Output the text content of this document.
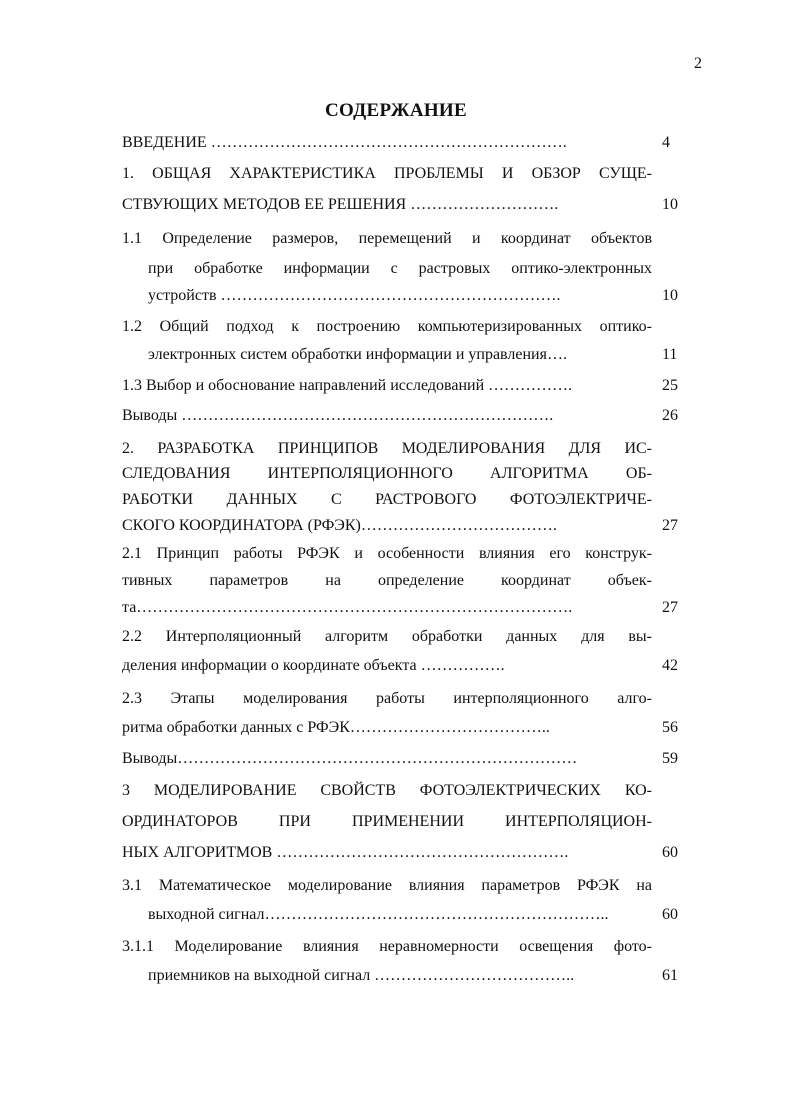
2
СОДЕРЖАНИЕ
ВВЕДЕНИЕ ………………………………………………………….	4
1. ОБЩАЯ ХАРАКТЕРИСТИКА ПРОБЛЕМЫ И ОБЗОР СУЩЕ-
СТВУЮЩИХ МЕТОДОВ ЕЕ РЕШЕНИЯ ……………………….	10
1.1 Определение размеров, перемещений и координат объектов
при обработке информации с растровых оптико-электронных
устройств ……………………………………………………….	10
1.2 Общий подход к построению компьютеризированных оптико-
электронных систем обработки информации и управления….	11
1.3 Выбор и обоснование направлений исследований …………….	25
Выводы …………………………………………………………….	26
2. РАЗРАБОТКА ПРИНЦИПОВ МОДЕЛИРОВАНИЯ ДЛЯ ИС-
СЛЕДОВАНИЯ ИНТЕРПОЛЯЦИОННОГО АЛГОРИТМА ОБ-
РАБОТКИ ДАННЫХ С РАСТРОВОГО ФОТОЭЛЕКТРИЧЕ-
СКОГО КООРДИНАТОРА (РФЭК)……………………………….	27
2.1 Принцип работы РФЭК и особенности влияния его конструк-
тивных параметров на определение координат объек-
та……………………………………………………………………….	27
2.2 Интерполяционный алгоритм обработки данных для вы-
деления информации о координате объекта …………….	42
2.3 Этапы моделирования работы интерполяционного алго-
ритма обработки данных с РФЭК………………………………..	56
Выводы…………………………………………………………………	59
3 МОДЕЛИРОВАНИЕ СВОЙСТВ ФОТОЭЛЕКТРИЧЕСКИХ КО-
ОРДИНАТОРОВ ПРИ ПРИМЕНЕНИИ ИНТЕРПОЛЯЦИОН-
НЫХ АЛГОРИТМОВ ……………………………………………….	60
3.1 Математическое моделирование влияния параметров РФЭК на
выходной сигнал………………………………………………………..	60
3.1.1 Моделирование влияния неравномерности освещения фото-
приемников на выходной сигнал ………………………………..	61
